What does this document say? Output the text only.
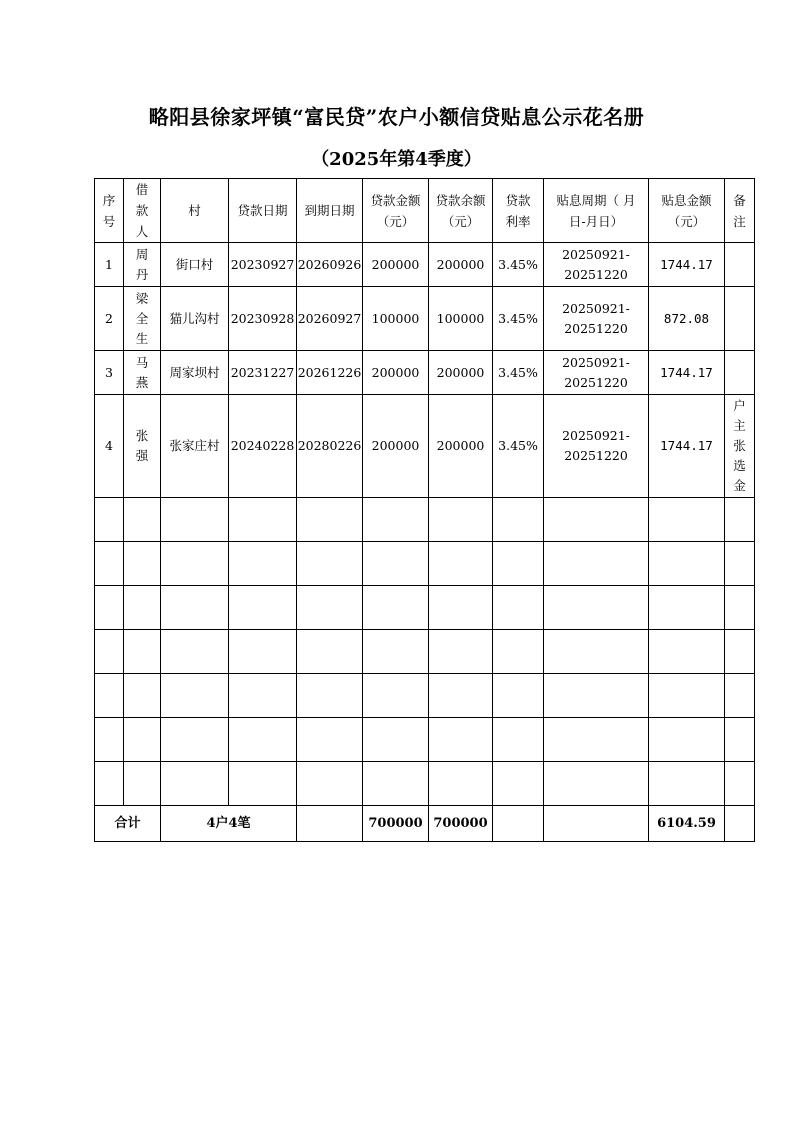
略阳县徐家坪镇“富民贷”农户小额信贷贴息公示花名册
（2025年第4季度）
序号	借款人	村	贷款日期	到期日期	贷款金额（元）	贷款余额（元）	贷款利率	贴息周期（ 月 日-月日）	贴息金额（元）	备注
1	周丹	街口村	20230927	20260926	200000	200000	3.45%	20250921-20251220	1744.17	
2	梁全生	猫儿沟村	20230928	20260927	100000	100000	3.45%	20250921-20251220	872.08	
3	马燕	周家坝村	20231227	20261226	200000	200000	3.45%	20250921-20251220	1744.17	
4	张强	张家庄村	20240228	20280226	200000	200000	3.45%	20250921-20251220	1744.17	户主张选金

合计		4户4笔			700000	700000			6104.59	
